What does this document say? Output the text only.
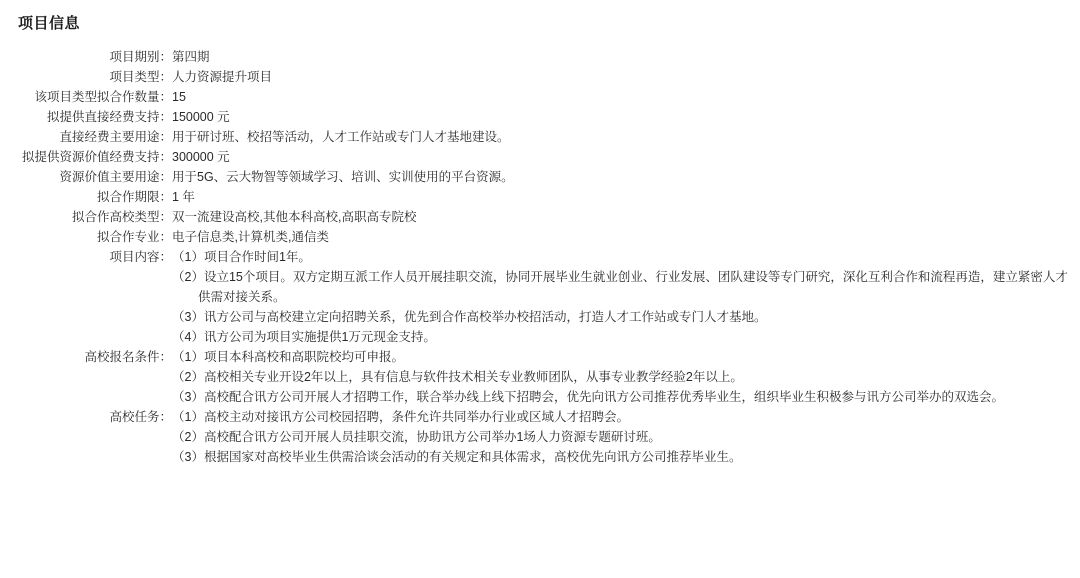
项目信息
项目期别：	第四期

项目类型：	人力资源提升项目

该项目类型拟合作数量：	15

拟提供直接经费支持：	150000 元

直接经费主要用途：	用于研讨班、校招等活动，人才工作站或专门人才基地建设。

拟提供资源价值经费支持：	300000 元

资源价值主要用途：	用于5G、云大物智等领域学习、培训、实训使用的平台资源。

拟合作期限：	1 年

拟合作高校类型：	双一流建设高校,其他本科高校,高职高专院校

拟合作专业：	电子信息类,计算机类,通信类

项目内容：	（1）项目合作时间1年。
（2）设立15个项目。双方定期互派工作人员开展挂职交流，协同开展毕业生就业创业、行业发展、团队建设等专门研究，深化互利合作和流程再造，建立紧密人才供需对接关系。
（3）讯方公司与高校建立定向招聘关系，优先到合作高校举办校招活动，打造人才工作站或专门人才基地。
（4）讯方公司为项目实施提供1万元现金支持。

高校报名条件：	（1）项目本科高校和高职院校均可申报。
（2）高校相关专业开设2年以上，具有信息与软件技术相关专业教师团队，从事专业教学经验2年以上。
（3）高校配合讯方公司开展人才招聘工作，联合举办线上线下招聘会，优先向讯方公司推荐优秀毕业生，组织毕业生积极参与讯方公司举办的双选会。

高校任务：	（1）高校主动对接讯方公司校园招聘，条件允许共同举办行业或区域人才招聘会。
（2）高校配合讯方公司开展人员挂职交流，协助讯方公司举办1场人力资源专题研讨班。
（3）根据国家对高校毕业生供需洽谈会活动的有关规定和具体需求，高校优先向讯方公司推荐毕业生。
